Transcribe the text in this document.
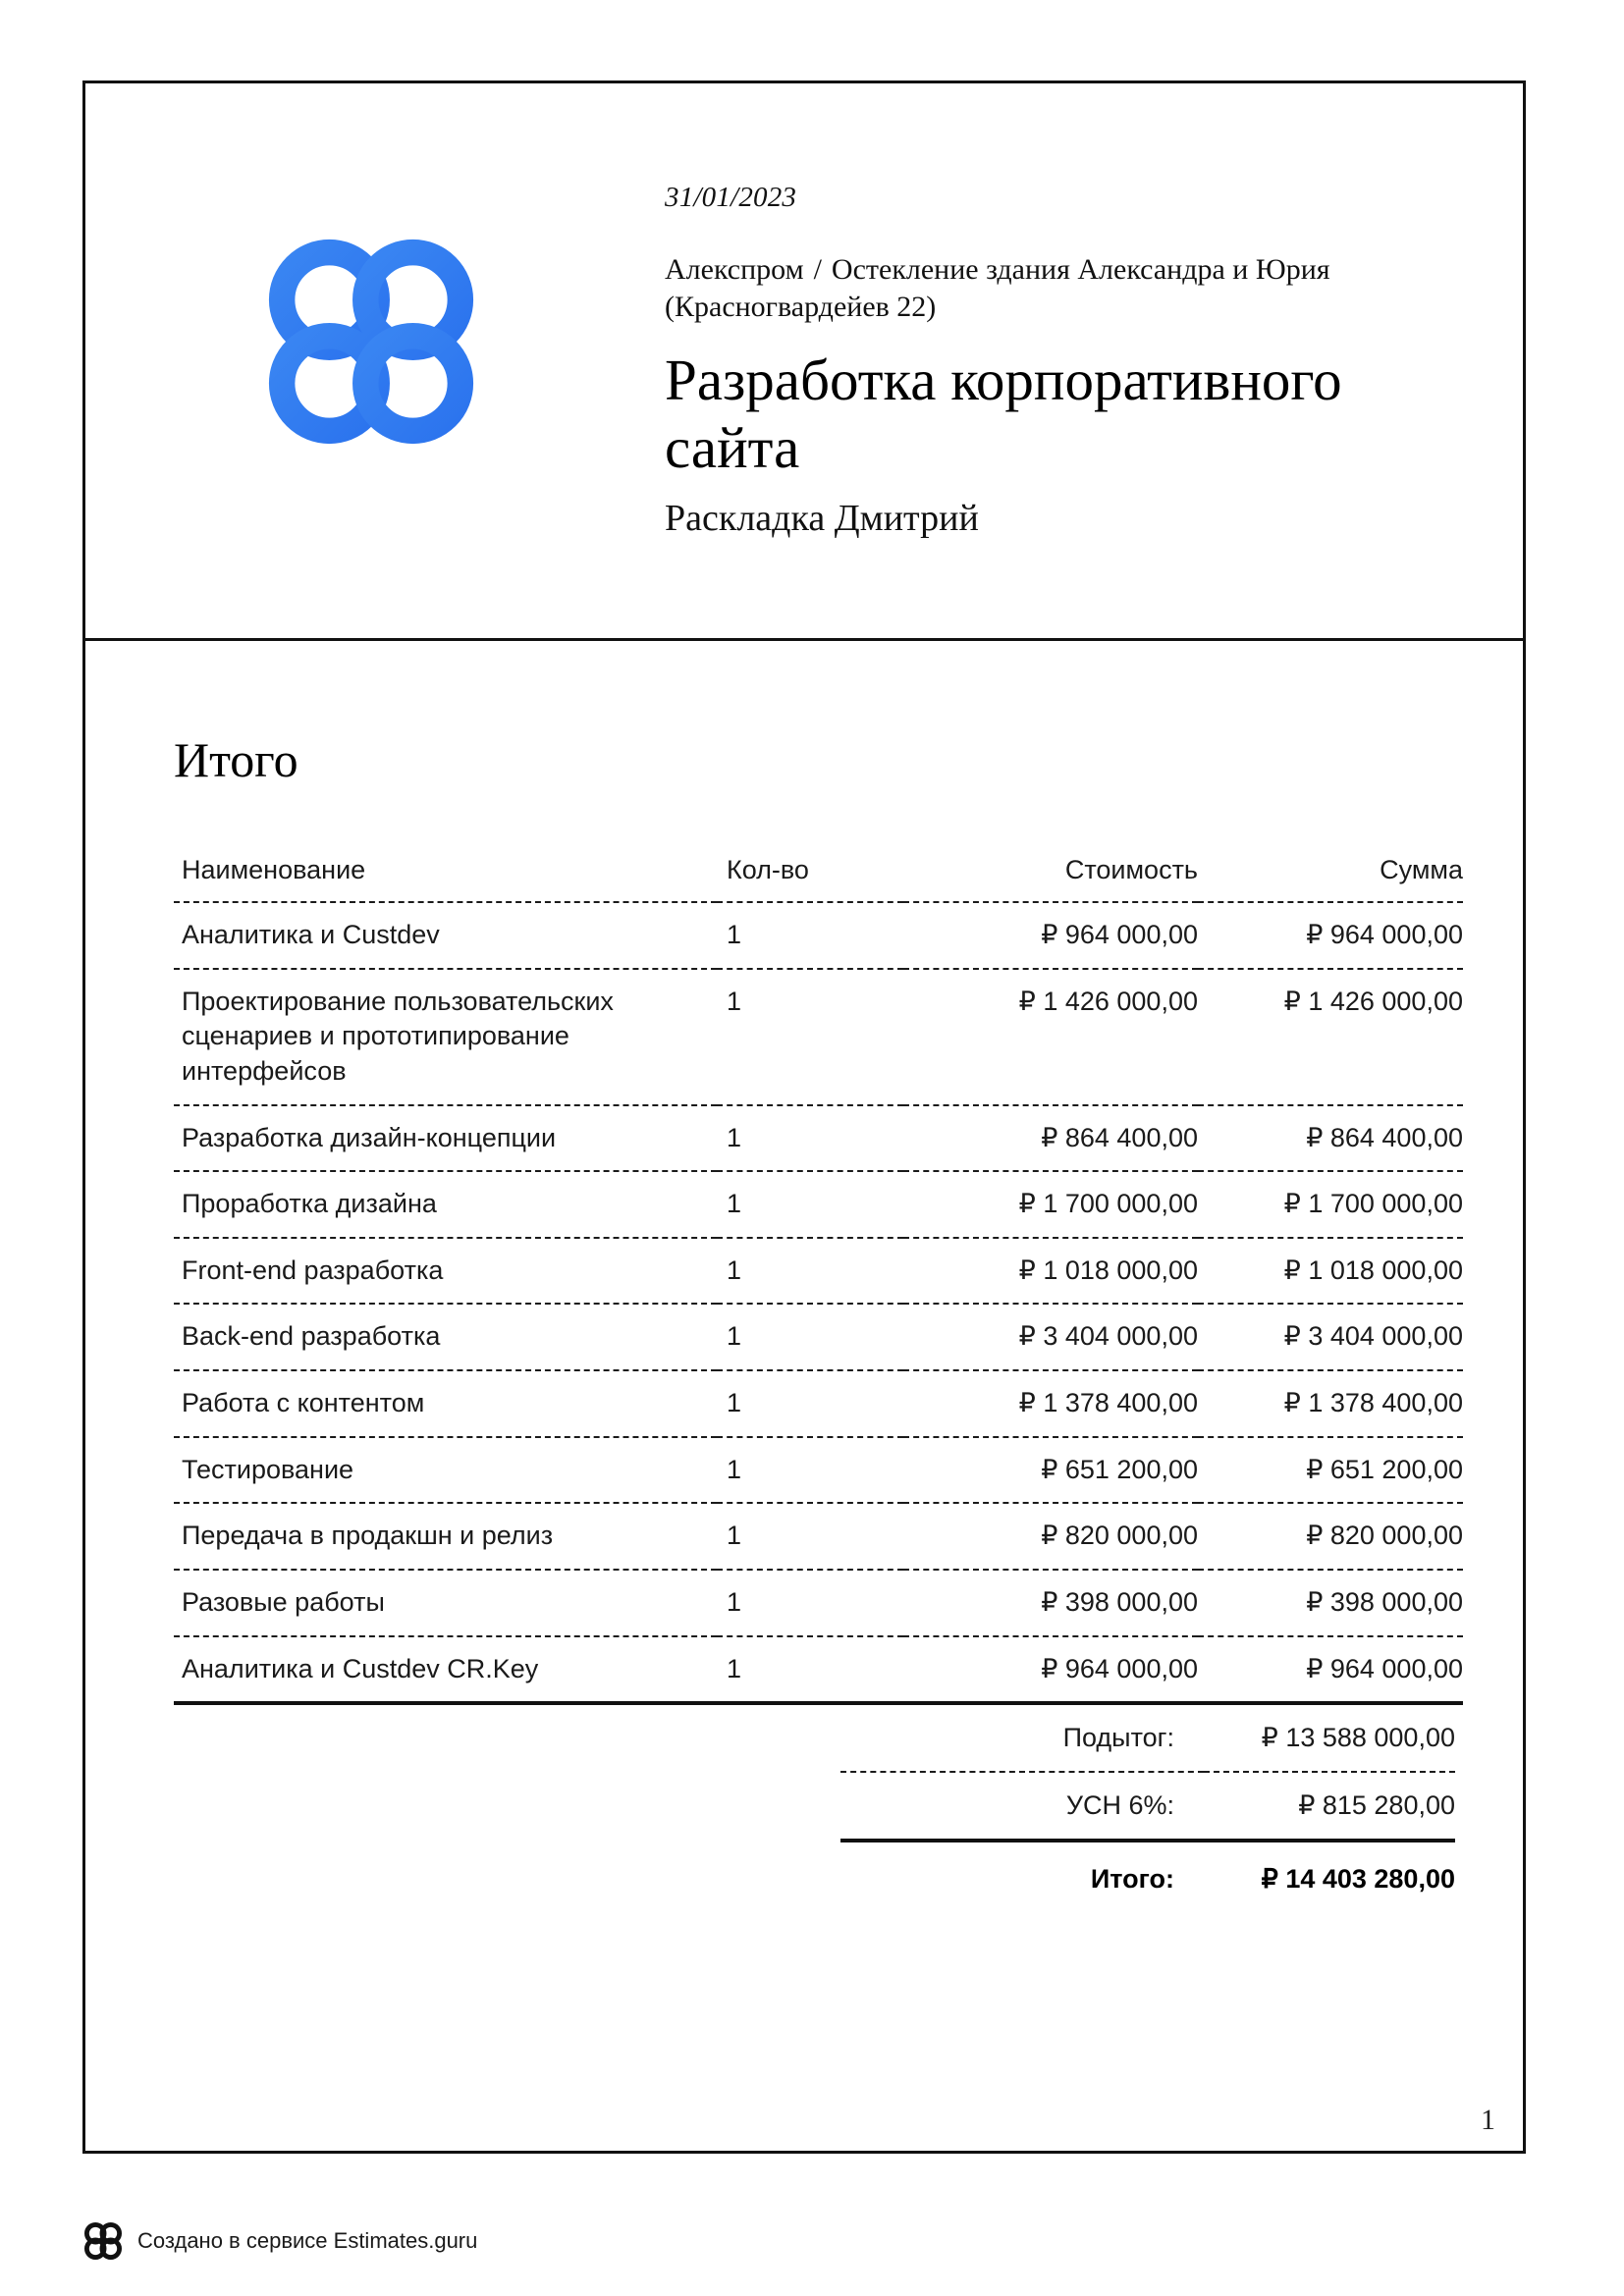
31/01/2023
Алекспром / Остекление здания Александра и Юрия (Красногвардейев 22)
Разработка корпоративного сайта
Раскладка Дмитрий
Итого
Наименование	Кол-во	Стоимость	Сумма
Аналитика и Custdev	1	₽ 964 000,00	₽ 964 000,00
Проектирование пользовательских сценариев и прототипирование интерфейсов	1	₽ 1 426 000,00	₽ 1 426 000,00
Разработка дизайн-концепции	1	₽ 864 400,00	₽ 864 400,00
Проработка дизайна	1	₽ 1 700 000,00	₽ 1 700 000,00
Front-end разработка	1	₽ 1 018 000,00	₽ 1 018 000,00
Back-end разработка	1	₽ 3 404 000,00	₽ 3 404 000,00
Работа с контентом	1	₽ 1 378 400,00	₽ 1 378 400,00
Тестирование	1	₽ 651 200,00	₽ 651 200,00
Передача в продакшн и релиз	1	₽ 820 000,00	₽ 820 000,00
Разовые работы	1	₽ 398 000,00	₽ 398 000,00
Аналитика и Custdev CR.Key	1	₽ 964 000,00	₽ 964 000,00
Подытог:	₽ 13 588 000,00
УСН 6%:	₽ 815 280,00
Итого:	₽ 14 403 280,00
1
Создано в сервисе Estimates.guru
